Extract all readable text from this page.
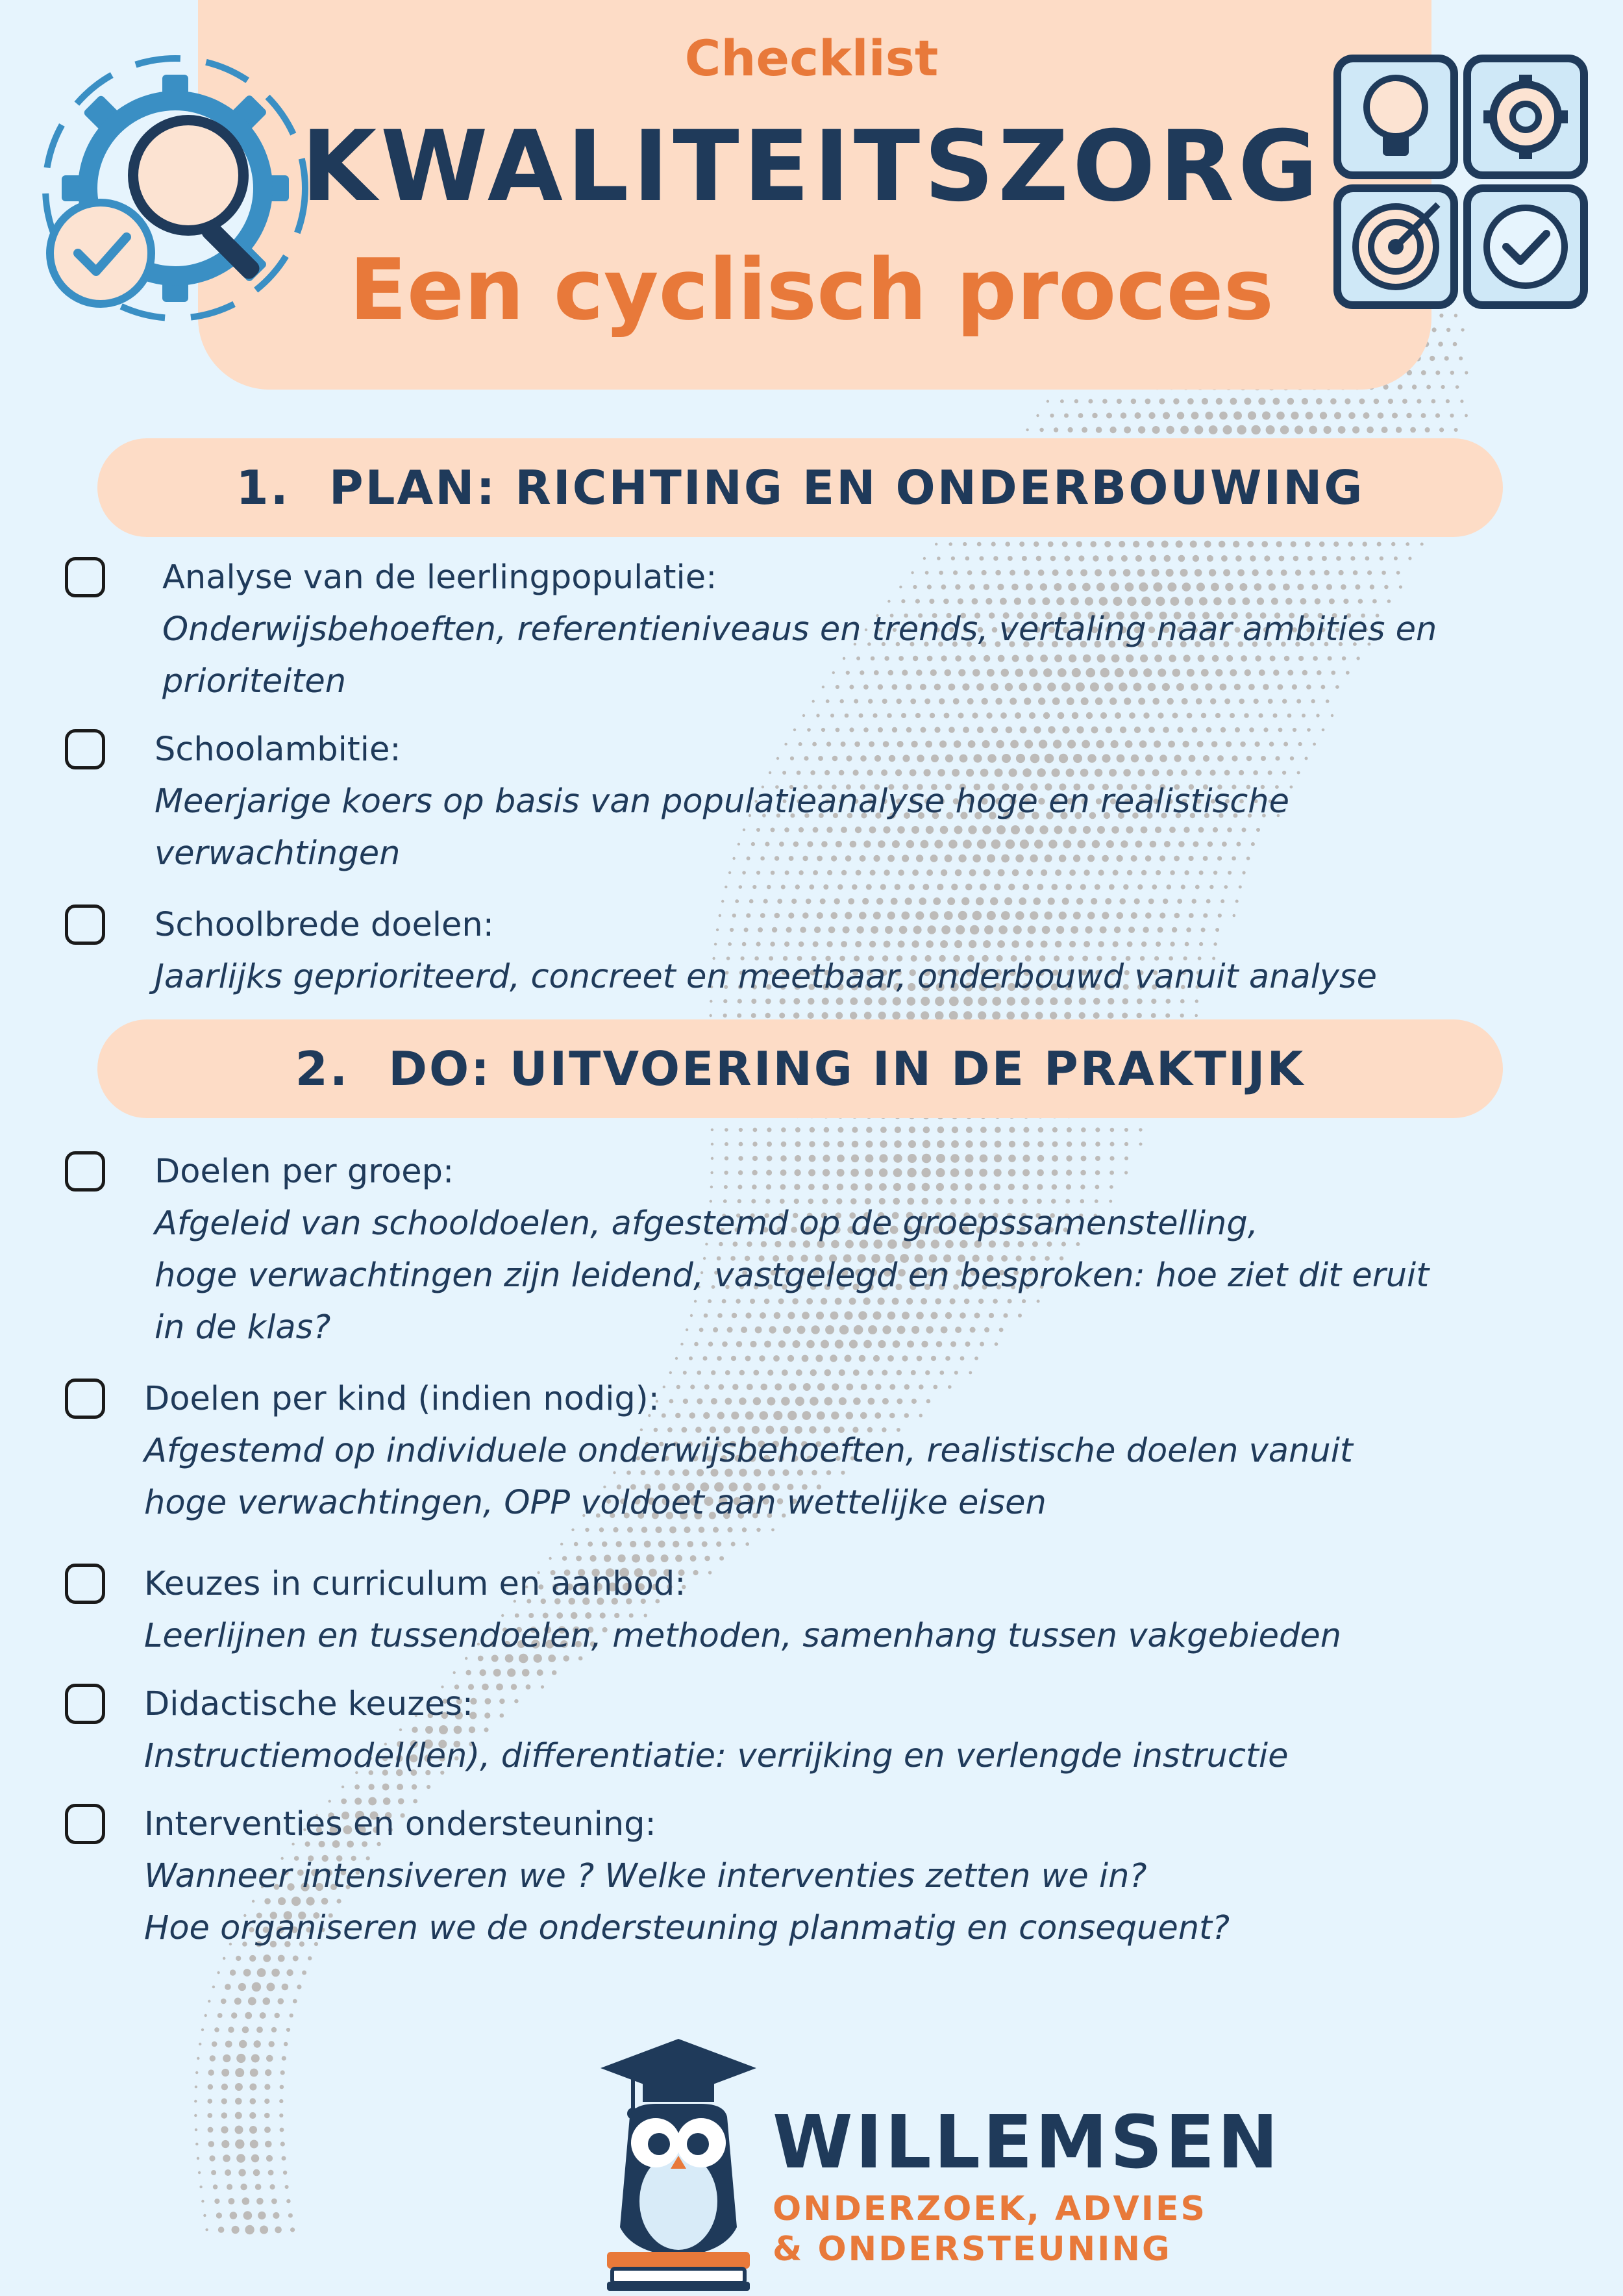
Checklist
KWALITEITSZORG
Een cyclisch proces
1. PLAN: RICHTING EN ONDERBOUWING
Analyse van de leerlingpopulatie:
Onderwijsbehoeften, referentieniveaus en trends, vertaling naar ambities en
prioriteiten
Schoolambitie:
Meerjarige koers op basis van populatieanalyse hoge en realistische
verwachtingen
Schoolbrede doelen:
Jaarlijks geprioriteerd, concreet en meetbaar, onderbouwd vanuit analyse
2. DO: UITVOERING IN DE PRAKTIJK
Doelen per groep:
Afgeleid van schooldoelen, afgestemd op de groepssamenstelling,
hoge verwachtingen zijn leidend, vastgelegd en besproken: hoe ziet dit eruit
in de klas?
Doelen per kind (indien nodig):
Afgestemd op individuele onderwijsbehoeften, realistische doelen vanuit
hoge verwachtingen, OPP voldoet aan wettelijke eisen
Keuzes in curriculum en aanbod:
Leerlijnen en tussendoelen, methoden, samenhang tussen vakgebieden
Didactische keuzes:
Instructiemodel(len), differentiatie: verrijking en verlengde instructie
Interventies en ondersteuning:
Wanneer intensiveren we ? Welke interventies zetten we in?
Hoe organiseren we de ondersteuning planmatig en consequent?
WILLEMSEN
ONDERZOEK, ADVIES
& ONDERSTEUNING
